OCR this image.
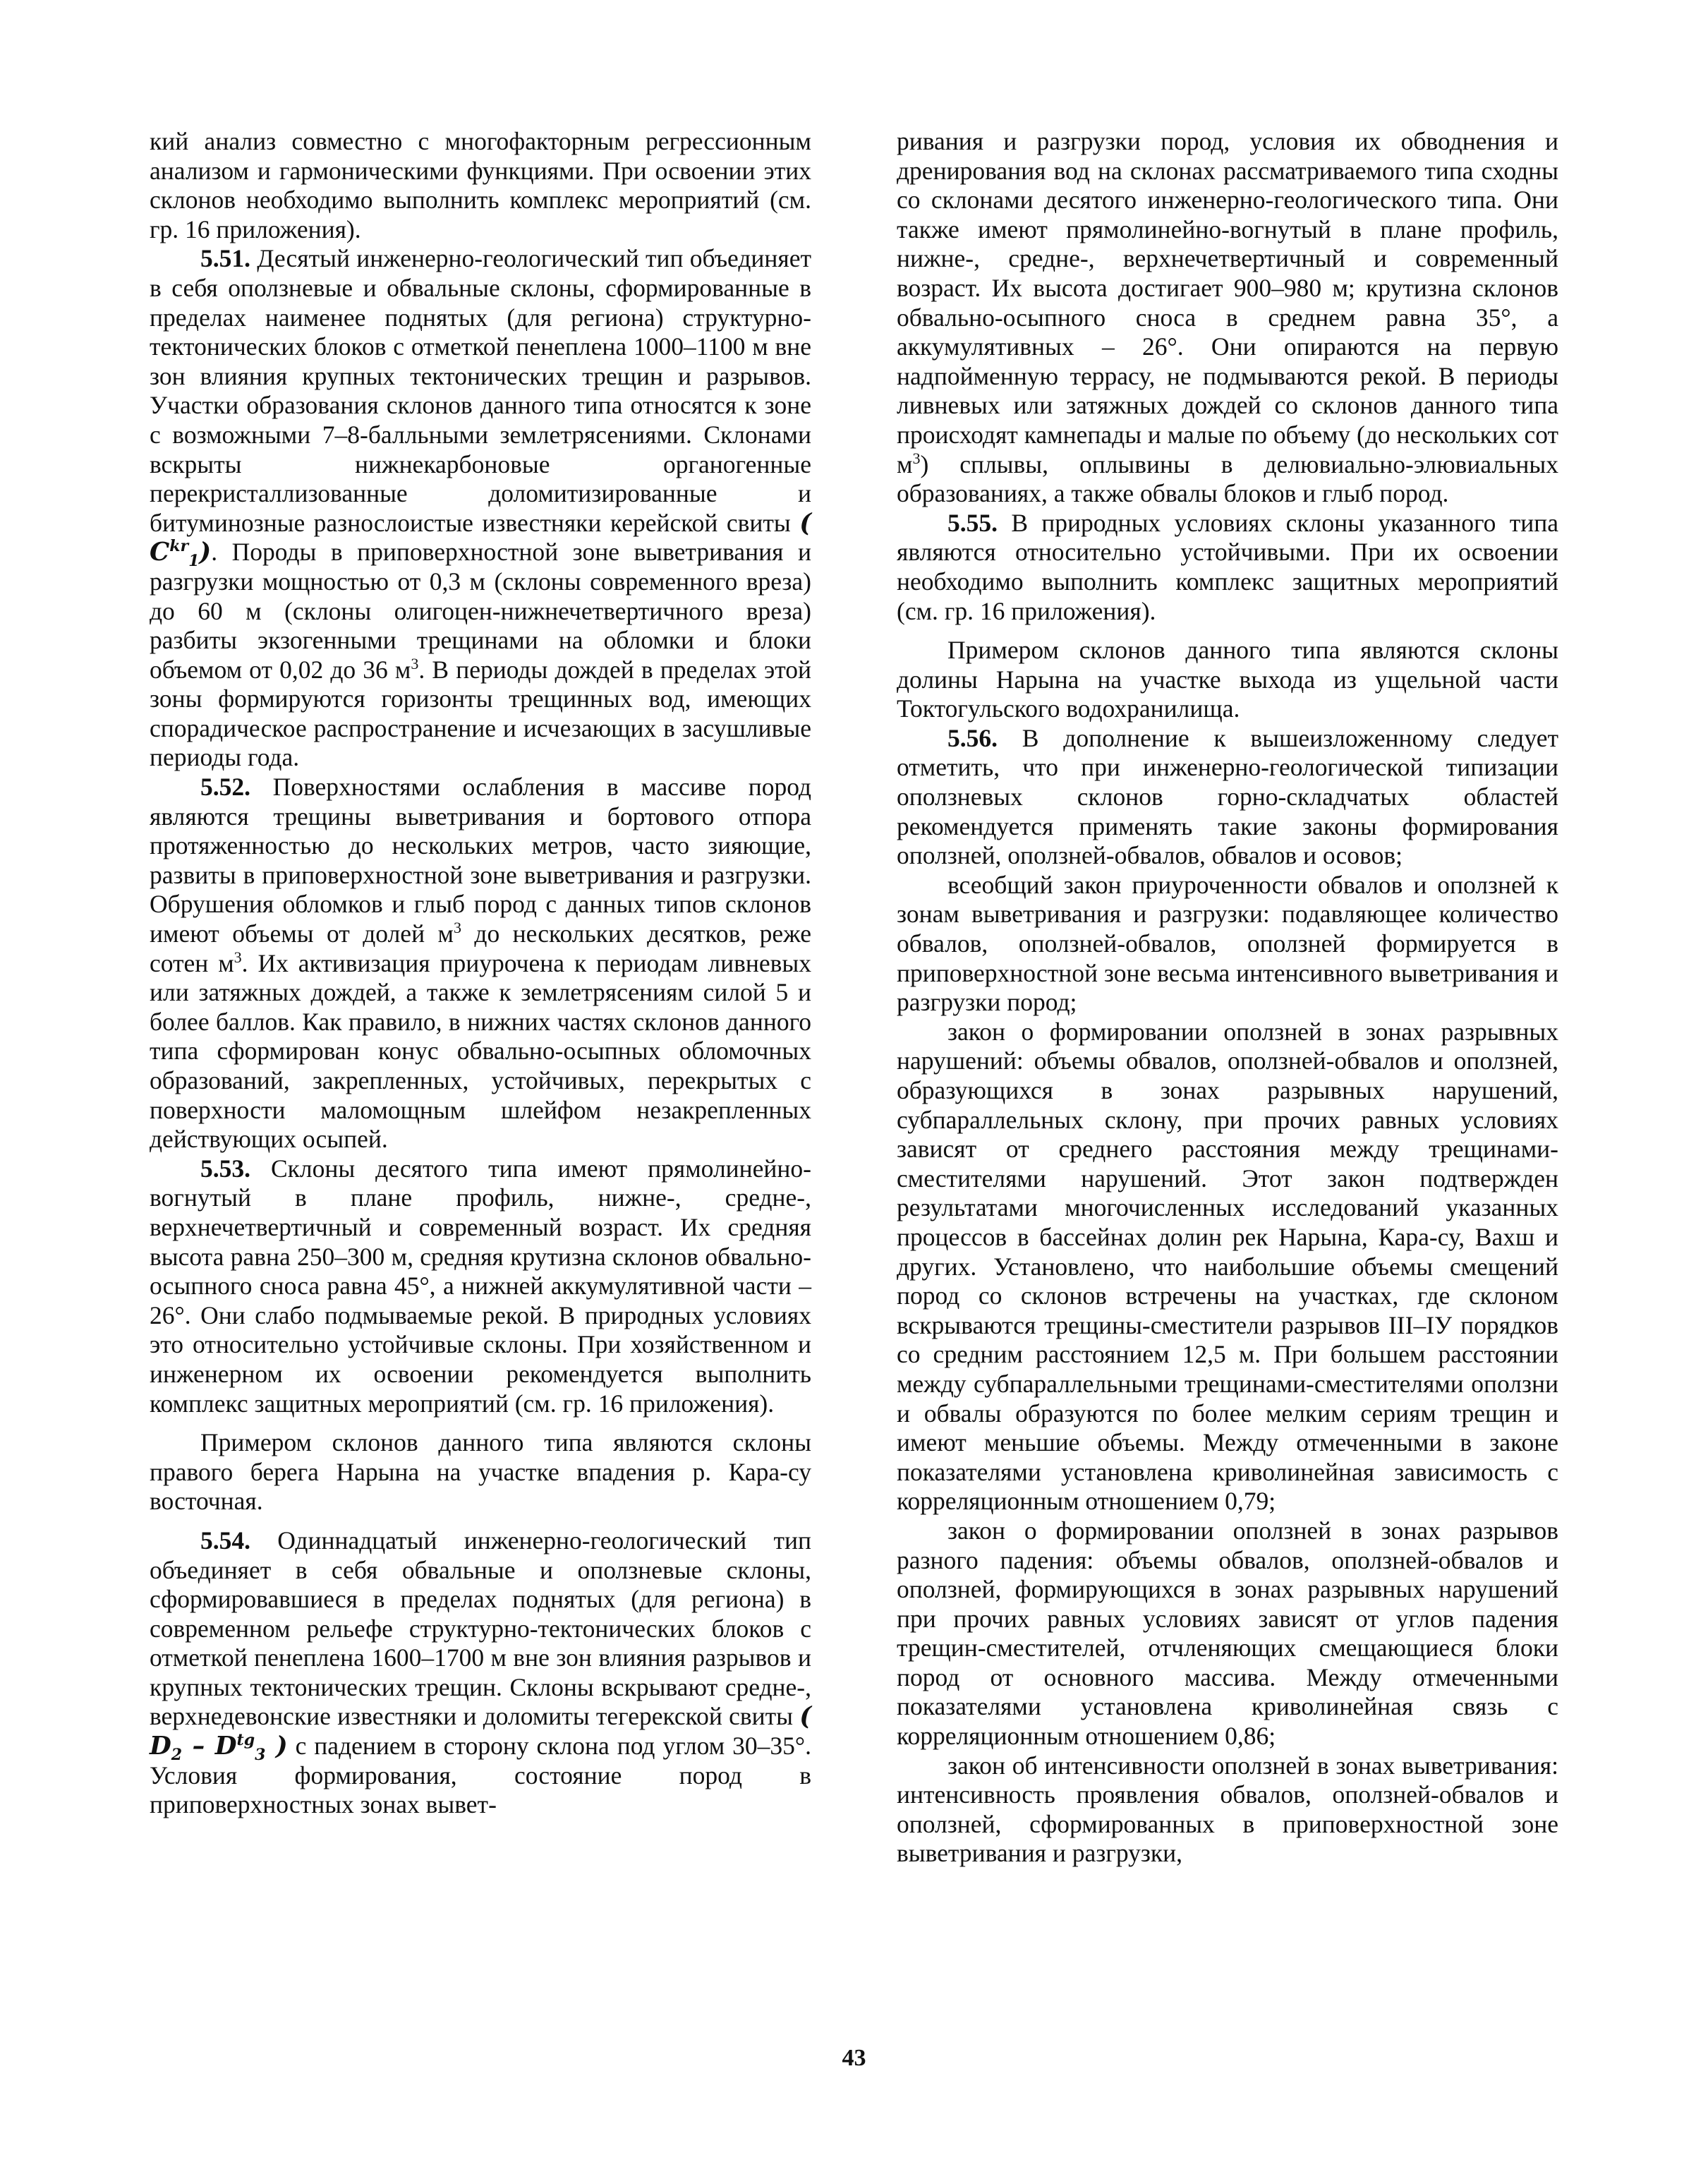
кий анализ совместно с многофакторным регрессионным анализом и гармоническими функциями. При освоении этих склонов необходимо выполнить комплекс мероприятий (см. гр. 16 приложения).

5.51. Десятый инженерно-геологический тип объединяет в себя оползневые и обвальные склоны, сформированные в пределах наименее поднятых (для региона) структурно-тектонических блоков с отметкой пенеплена 1000–1100 м вне зон влияния крупных тектонических трещин и разрывов. Участки образования склонов данного типа относятся к зоне с возможными 7–8-балльными землетрясениями. Склонами вскрыты нижнекарбоновые органогенные перекристаллизованные доломитизированные и битуминозные разнослоистые известняки керейской свиты ( $C^{kr}_1$). Породы в приповерхностной зоне выветривания и разгрузки мощностью от 0,3 м (склоны современного вреза) до 60 м (склоны олигоцен-нижнечетвертичного вреза) разбиты экзогенными трещинами на обломки и блоки объемом от 0,02 до 36 $м^3$. В периоды дождей в пределах этой зоны формируются горизонты трещинных вод, имеющих спорадическое распространение и исчезающих в засушливые периоды года.

5.52. Поверхностями ослабления в массиве пород являются трещины выветривания и бортового отпора протяженностью до нескольких метров, часто зияющие, развиты в приповерхностной зоне выветривания и разгрузки. Обрушения обломков и глыб пород с данных типов склонов имеют объемы от долей $м^3$ до нескольких десятков, реже сотен $м^3$. Их активизация приурочена к периодам ливневых или затяжных дождей, а также к землетрясениям силой 5 и более баллов. Как правило, в нижних частях склонов данного типа сформирован конус обвально-осыпных обломочных образований, закрепленных, устойчивых, перекрытых с поверхности маломощным шлейфом незакрепленных действующих осыпей.

5.53. Склоны десятого типа имеют прямолинейно-вогнутый в плане профиль, нижне-, средне-, верхнечетвертичный и современный возраст. Их средняя высота равна 250–300 м, средняя крутизна склонов обвально-осыпного сноса равна 45°, а нижней аккумулятивной части – 26°. Они слабо подмываемые рекой. В природных условиях это относительно устойчивые склоны. При хозяйственном и инженерном их освоении рекомендуется выполнить комплекс защитных мероприятий (см. гр. 16 приложения).

Примером склонов данного типа являются склоны правого берега Нарына на участке впадения р. Кара-су восточная.

5.54. Одиннадцатый инженерно-геологический тип объединяет в себя обвальные и оползневые склоны, сформировавшиеся в пределах поднятых (для региона) в современном рельефе структурно-тектонических блоков с отметкой пенеплена 1600–1700 м вне зон влияния разрывов и крупных тектонических трещин. Склоны вскрывают средне-, верхнедевонские известняки и доломиты тегерекской свиты ( $D_2 - D^{tg}_3$ ) с падением в сторону склона под углом 30–35°. Условия формирования, состояние пород в приповерхностных зонах вывет-

ривания и разгрузки пород, условия их обводнения и дренирования вод на склонах рассматриваемого типа сходны со склонами десятого инженерно-геологического типа. Они также имеют прямолинейно-вогнутый в плане профиль, нижне-, средне-, верхнечетвертичный и современный возраст. Их высота достигает 900–980 м; крутизна склонов обвально-осыпного сноса в среднем равна 35°, а аккумулятивных – 26°. Они опираются на первую надпойменную террасу, не подмываются рекой. В периоды ливневых или затяжных дождей со склонов данного типа происходят камнепады и малые по объему (до нескольких сот $м^3$) сплывы, оплывины в делювиально-элювиальных образованиях, а также обвалы блоков и глыб пород.

5.55. В природных условиях склоны указанного типа являются относительно устойчивыми. При их освоении необходимо выполнить комплекс защитных мероприятий (см. гр. 16 приложения).

Примером склонов данного типа являются склоны долины Нарына на участке выхода из ущельной части Токтогульского водохранилища.

5.56. В дополнение к вышеизложенному следует отметить, что при инженерно-геологической типизации оползневых склонов горно-складчатых областей рекомендуется применять такие законы формирования оползней, оползней-обвалов, обвалов и осовов;

всеобщий закон приуроченности обвалов и оползней к зонам выветривания и разгрузки: подавляющее количество обвалов, оползней-обвалов, оползней формируется в приповерхностной зоне весьма интенсивного выветривания и разгрузки пород;

закон о формировании оползней в зонах разрывных нарушений: объемы обвалов, оползней-обвалов и оползней, образующихся в зонах разрывных нарушений, субпараллельных склону, при прочих равных условиях зависят от среднего расстояния между трещинами-сместителями нарушений. Этот закон подтвержден результатами многочисленных исследований указанных процессов в бассейнах долин рек Нарына, Кара-су, Вахш и других. Установлено, что наибольшие объемы смещений пород со склонов встречены на участках, где склоном вскрываются трещины-сместители разрывов III–IУ порядков со средним расстоянием 12,5 м. При большем расстоянии между субпараллельными трещинами-сместителями оползни и обвалы образуются по более мелким сериям трещин и имеют меньшие объемы. Между отмеченными в законе показателями установлена криволинейная зависимость с корреляционным отношением 0,79;

закон о формировании оползней в зонах разрывов разного падения: объемы обвалов, оползней-обвалов и оползней, формирующихся в зонах разрывных нарушений при прочих равных условиях зависят от углов падения трещин-сместителей, отчленяющих смещающиеся блоки пород от основного массива. Между отмеченными показателями установлена криволинейная связь с корреляционным отношением 0,86;

закон об интенсивности оползней в зонах выветривания: интенсивность проявления обвалов, оползней-обвалов и оползней, сформированных в приповерхностной зоне выветривания и разгрузки,

43
